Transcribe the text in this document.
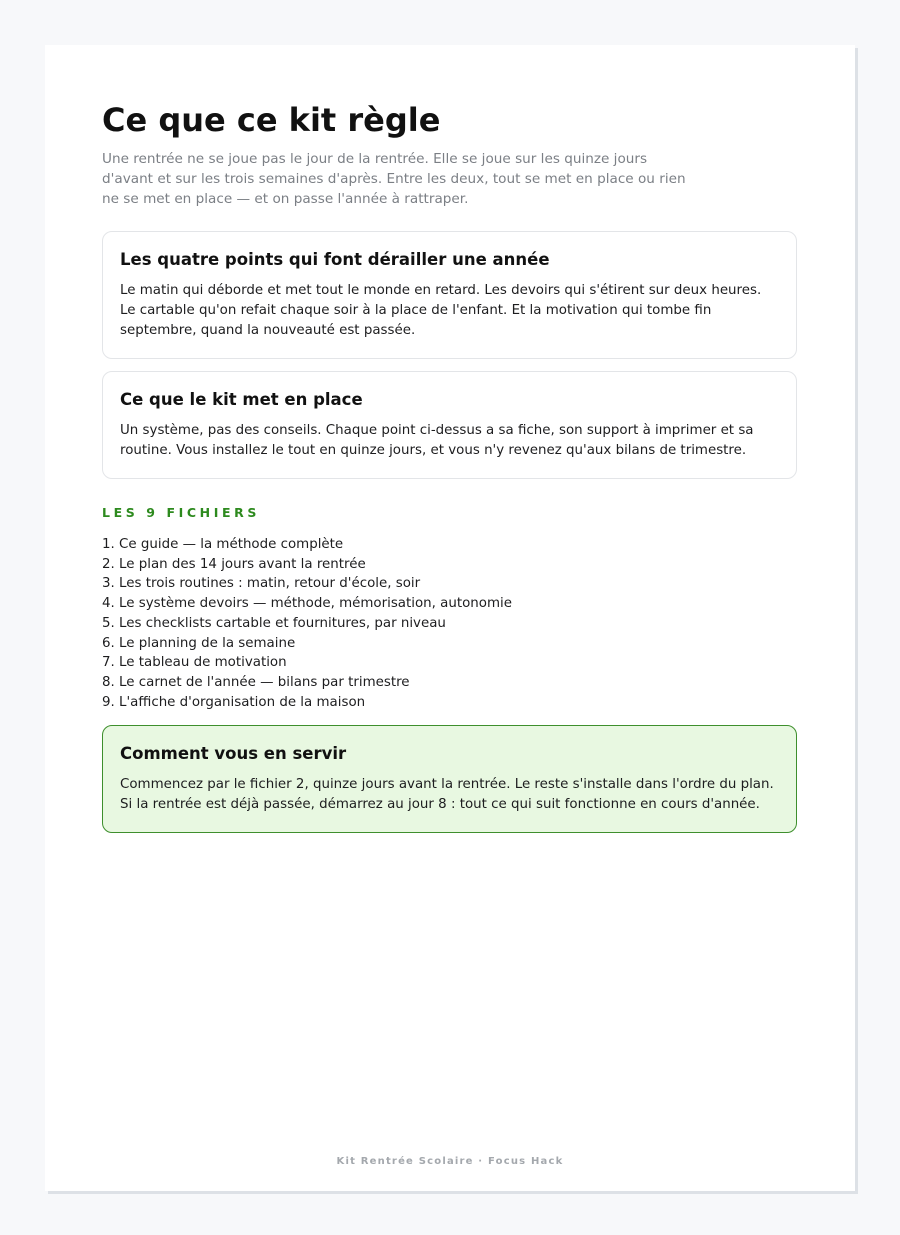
Ce que ce kit règle

Une rentrée ne se joue pas le jour de la rentrée. Elle se joue sur les quinze jours d'avant et sur les trois semaines d'après. Entre les deux, tout se met en place ou rien ne se met en place — et on passe l'année à rattraper.

Les quatre points qui font dérailler une année

Le matin qui déborde et met tout le monde en retard. Les devoirs qui s'étirent sur deux heures. Le cartable qu'on refait chaque soir à la place de l'enfant. Et la motivation qui tombe fin septembre, quand la nouveauté est passée.

Ce que le kit met en place

Un système, pas des conseils. Chaque point ci-dessus a sa fiche, son support à imprimer et sa routine. Vous installez le tout en quinze jours, et vous n'y revenez qu'aux bilans de trimestre.

LES 9 FICHIERS
1. Ce guide — la méthode complète
2. Le plan des 14 jours avant la rentrée
3. Les trois routines : matin, retour d'école, soir
4. Le système devoirs — méthode, mémorisation, autonomie
5. Les checklists cartable et fournitures, par niveau
6. Le planning de la semaine
7. Le tableau de motivation
8. Le carnet de l'année — bilans par trimestre
9. L'affiche d'organisation de la maison
Comment vous en servir

Commencez par le fichier 2, quinze jours avant la rentrée. Le reste s'installe dans l'ordre du plan. Si la rentrée est déjà passée, démarrez au jour 8 : tout ce qui suit fonctionne en cours d'année.

Kit Rentrée Scolaire · Focus Hack
